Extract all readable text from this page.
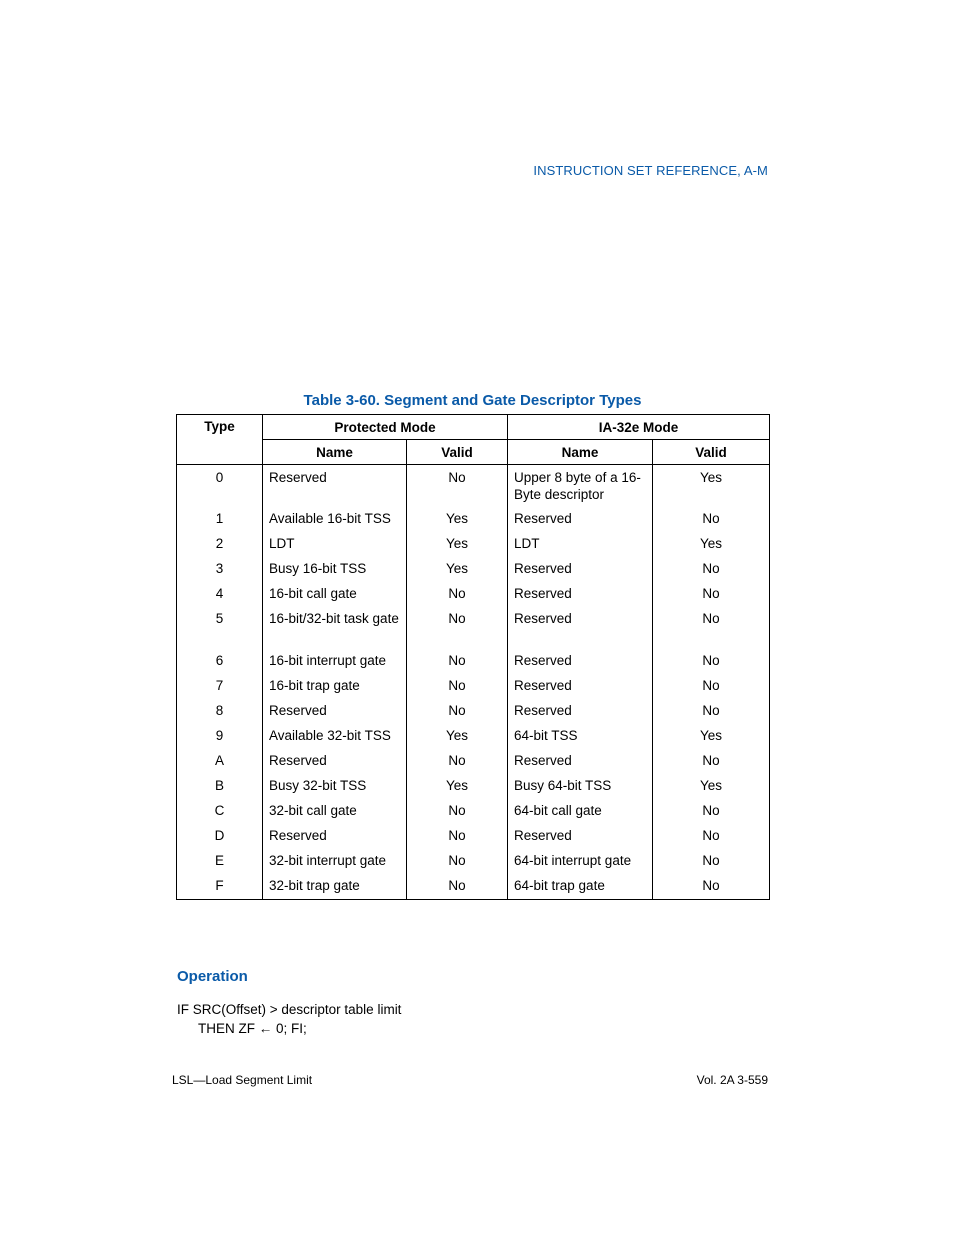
INSTRUCTION SET REFERENCE, A-M
Table 3-60. Segment and Gate Descriptor Types
Type	Protected Mode		IA-32e Mode	
	Name	Valid	Name	Valid
0	Reserved	No	Upper 8 byte of a 16-Byte descriptor	Yes
1	Available 16-bit TSS	Yes	Reserved	No
2	LDT	Yes	LDT	Yes
3	Busy 16-bit TSS	Yes	Reserved	No
4	16-bit call gate	No	Reserved	No
5	16-bit/32-bit task gate	No	Reserved	No
6	16-bit interrupt gate	No	Reserved	No
7	16-bit trap gate	No	Reserved	No
8	Reserved	No	Reserved	No
9	Available 32-bit TSS	Yes	64-bit TSS	Yes
A	Reserved	No	Reserved	No
B	Busy 32-bit TSS	Yes	Busy 64-bit TSS	Yes
C	32-bit call gate	No	64-bit call gate	No
D	Reserved	No	Reserved	No
E	32-bit interrupt gate	No	64-bit interrupt gate	No
F	32-bit trap gate	No	64-bit trap gate	No
Operation
IF SRC(Offset) > descriptor table limit
THEN ZF ← 0; FI;
LSL—Load Segment Limit	Vol. 2A 3-559
